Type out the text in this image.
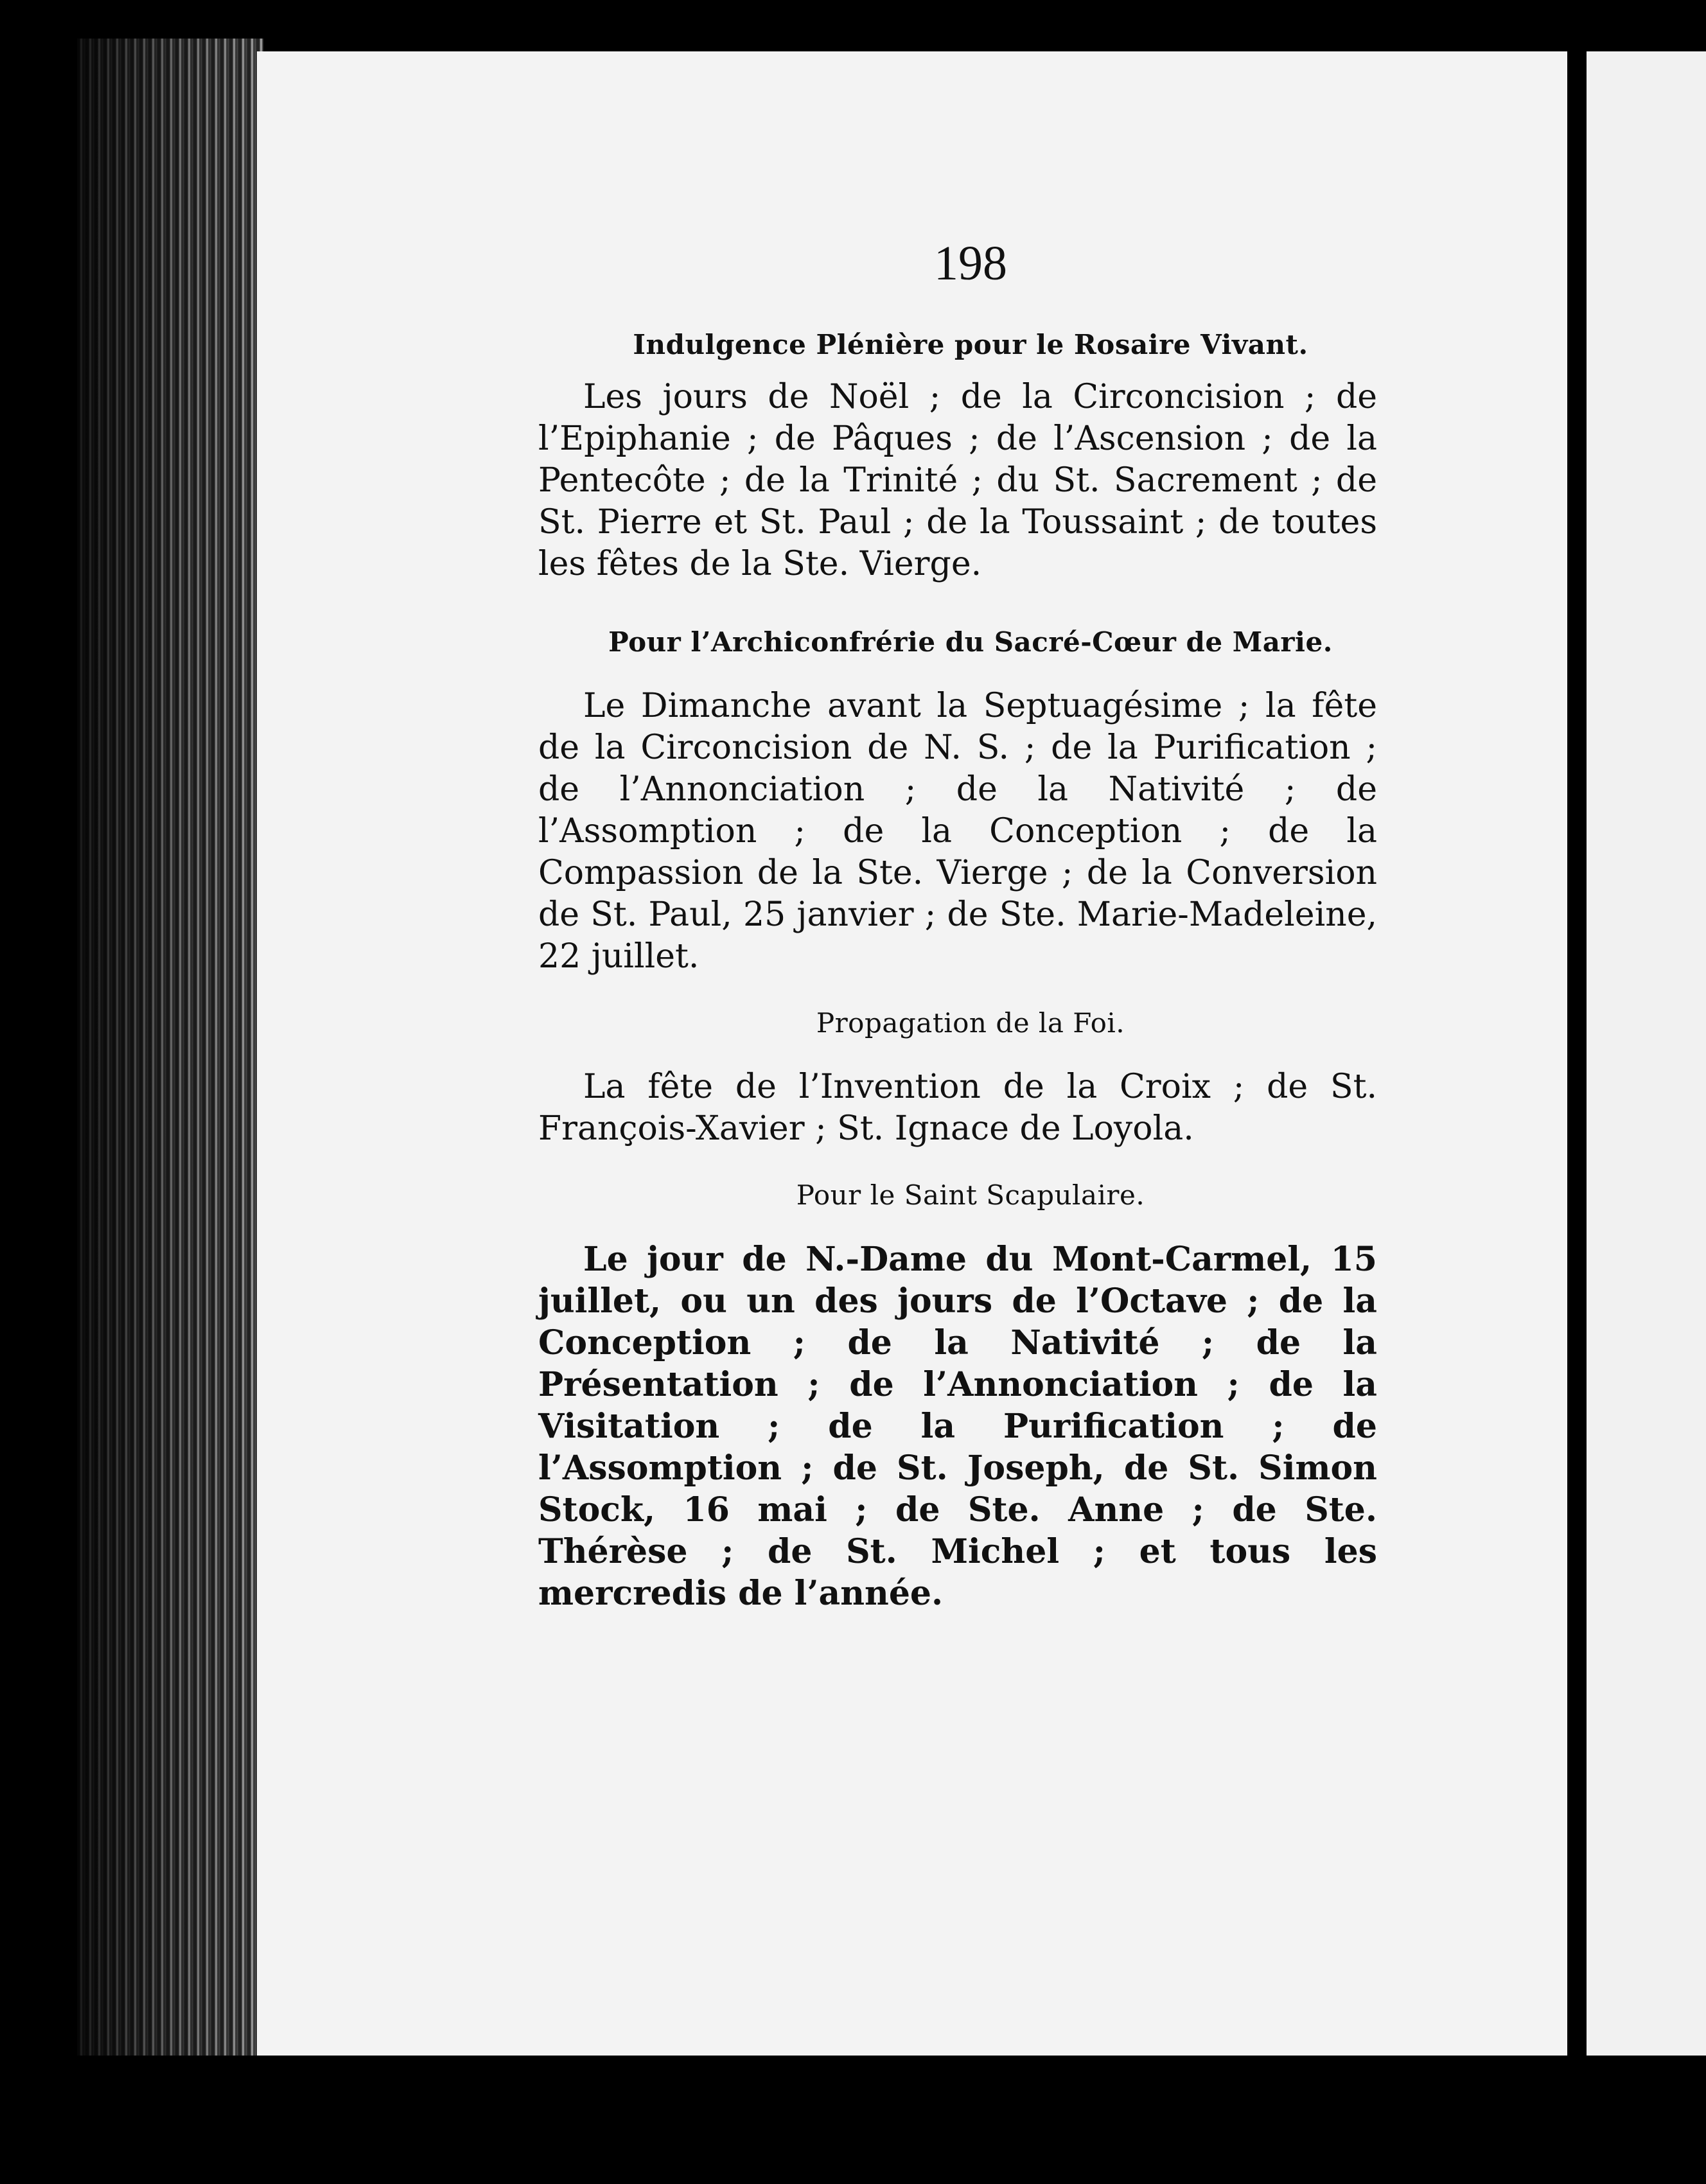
198
Indulgence Plénière pour le Rosaire Vivant.

Les jours de Noël ; de la Circoncision ; de l’Epiphanie ; de Pâques ; de l’Ascension ; de la Pentecôte ; de la Trinité ; du St. Sacrement ; de St. Pierre et St. Paul ; de la Toussaint ; de toutes les fêtes de la Ste. Vierge.

Pour l’Archiconfrérie du Sacré-Cœur de Marie.

Le Dimanche avant la Septuagésime ; la fête de la Circoncision de N. S. ; de la Purification ; de l’Annonciation ; de la Nativité ; de l’Assomption ; de la Conception ; de la Compassion de la Ste. Vierge ; de la Conversion de St. Paul, 25 janvier ; de Ste. Marie-Madeleine, 22 juillet.

Propagation de la Foi.

La fête de l’Invention de la Croix ; de St. François-Xavier ; St. Ignace de Loyola.

Pour le Saint Scapulaire.

Le jour de N.-Dame du Mont-Carmel, 15 juillet, ou un des jours de l’Octave ; de la Conception ; de la Nativité ; de la Présentation ; de l’Annonciation ; de la Visitation ; de la Purification ; de l’Assomption ; de St. Joseph, de St. Simon Stock, 16 mai ; de Ste. Anne ; de Ste. Thérèse ; de St. Michel ; et tous les mercredis de l’année.
